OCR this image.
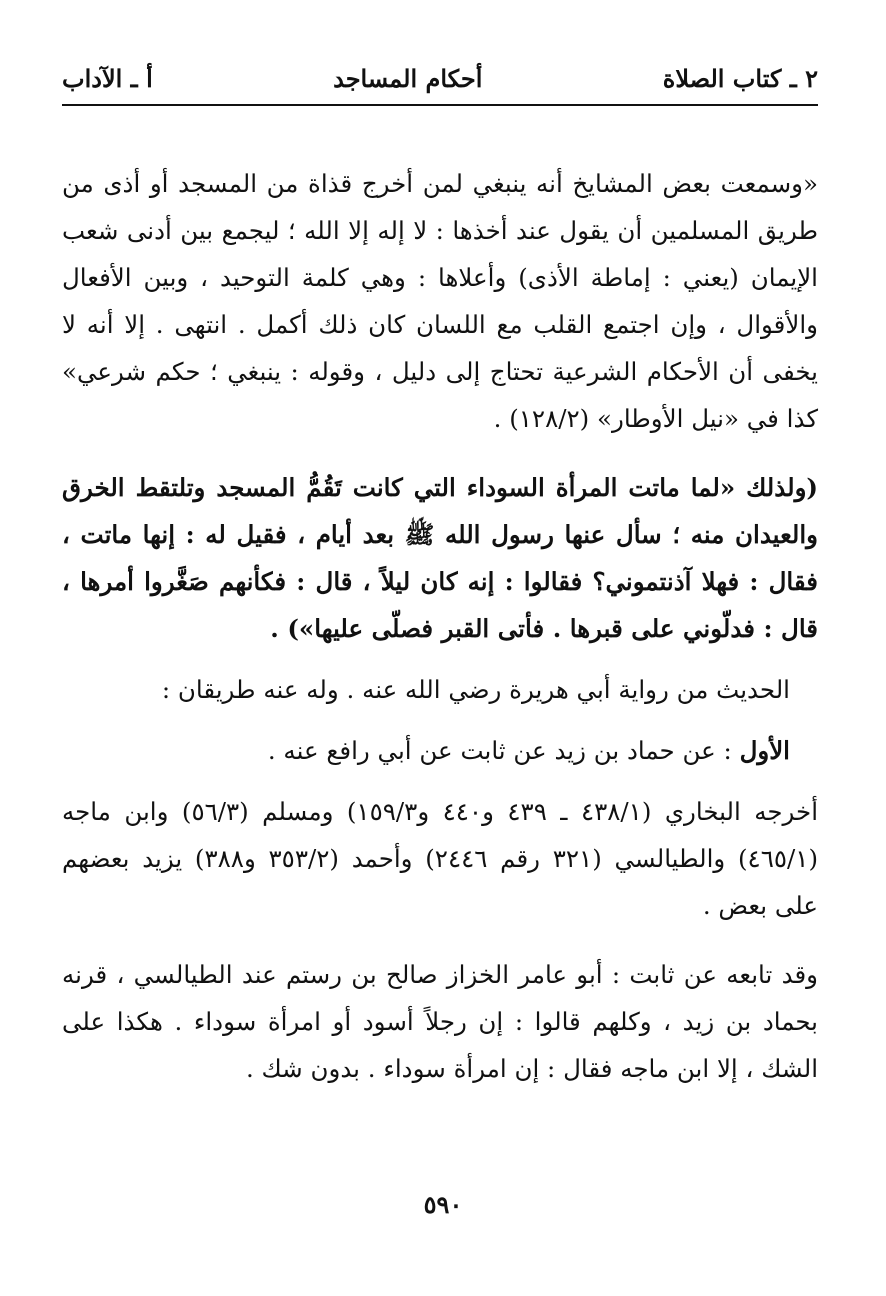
٢ ـ كتاب الصلاة
أحكام المساجد
أ ـ الآداب

«وسمعت بعض المشايخ أنه ينبغي لمن أخرج قذاة من المسجد أو أذى من طريق المسلمين أن يقول عند أخذها : لا إله إلا الله ؛ ليجمع بين أدنى شعب الإيمان (يعني : إماطة الأذى) وأعلاها : وهي كلمة التوحيد ، وبين الأفعال والأقوال ، وإن اجتمع القلب مع اللسان كان ذلك أكمل . انتهى . إلا أنه لا يخفى أن الأحكام الشرعية تحتاج إلى دليل ، وقوله : ينبغي ؛ حكم شرعي» كذا في «نيل الأوطار» (١٢٨/٢) .

(ولذلك «لما ماتت المرأة السوداء التي كانت تَقُمُّ المسجد وتلتقط الخرق والعيدان منه ؛ سأل عنها رسول الله ﷺ بعد أيام ، فقيل له : إنها ماتت ، فقال : فهلا آذنتموني؟ فقالوا : إنه كان ليلاً ، قال : فكأنهم صَغَّروا أمرها ، قال : فدلّوني على قبرها . فأتى القبر فصلّى عليها») .

الحديث من رواية أبي هريرة رضي الله عنه . وله عنه طريقان :

الأول : عن حماد بن زيد عن ثابت عن أبي رافع عنه .

أخرجه البخاري (٤٣٨/١ ـ ٤٣٩ و٤٤٠ و١٥٩/٣) ومسلم (٥٦/٣) وابن ماجه (٤٦٥/١) والطيالسي (٣٢١ رقم ٢٤٤٦) وأحمد (٣٥٣/٢ و٣٨٨) يزيد بعضهم على بعض .

وقد تابعه عن ثابت : أبو عامر الخزاز صالح بن رستم عند الطيالسي ، قرنه بحماد بن زيد ، وكلهم قالوا : إن رجلاً أسود أو امرأة سوداء . هكذا على الشك ، إلا ابن ماجه فقال : إن امرأة سوداء . بدون شك .

٥٩٠
